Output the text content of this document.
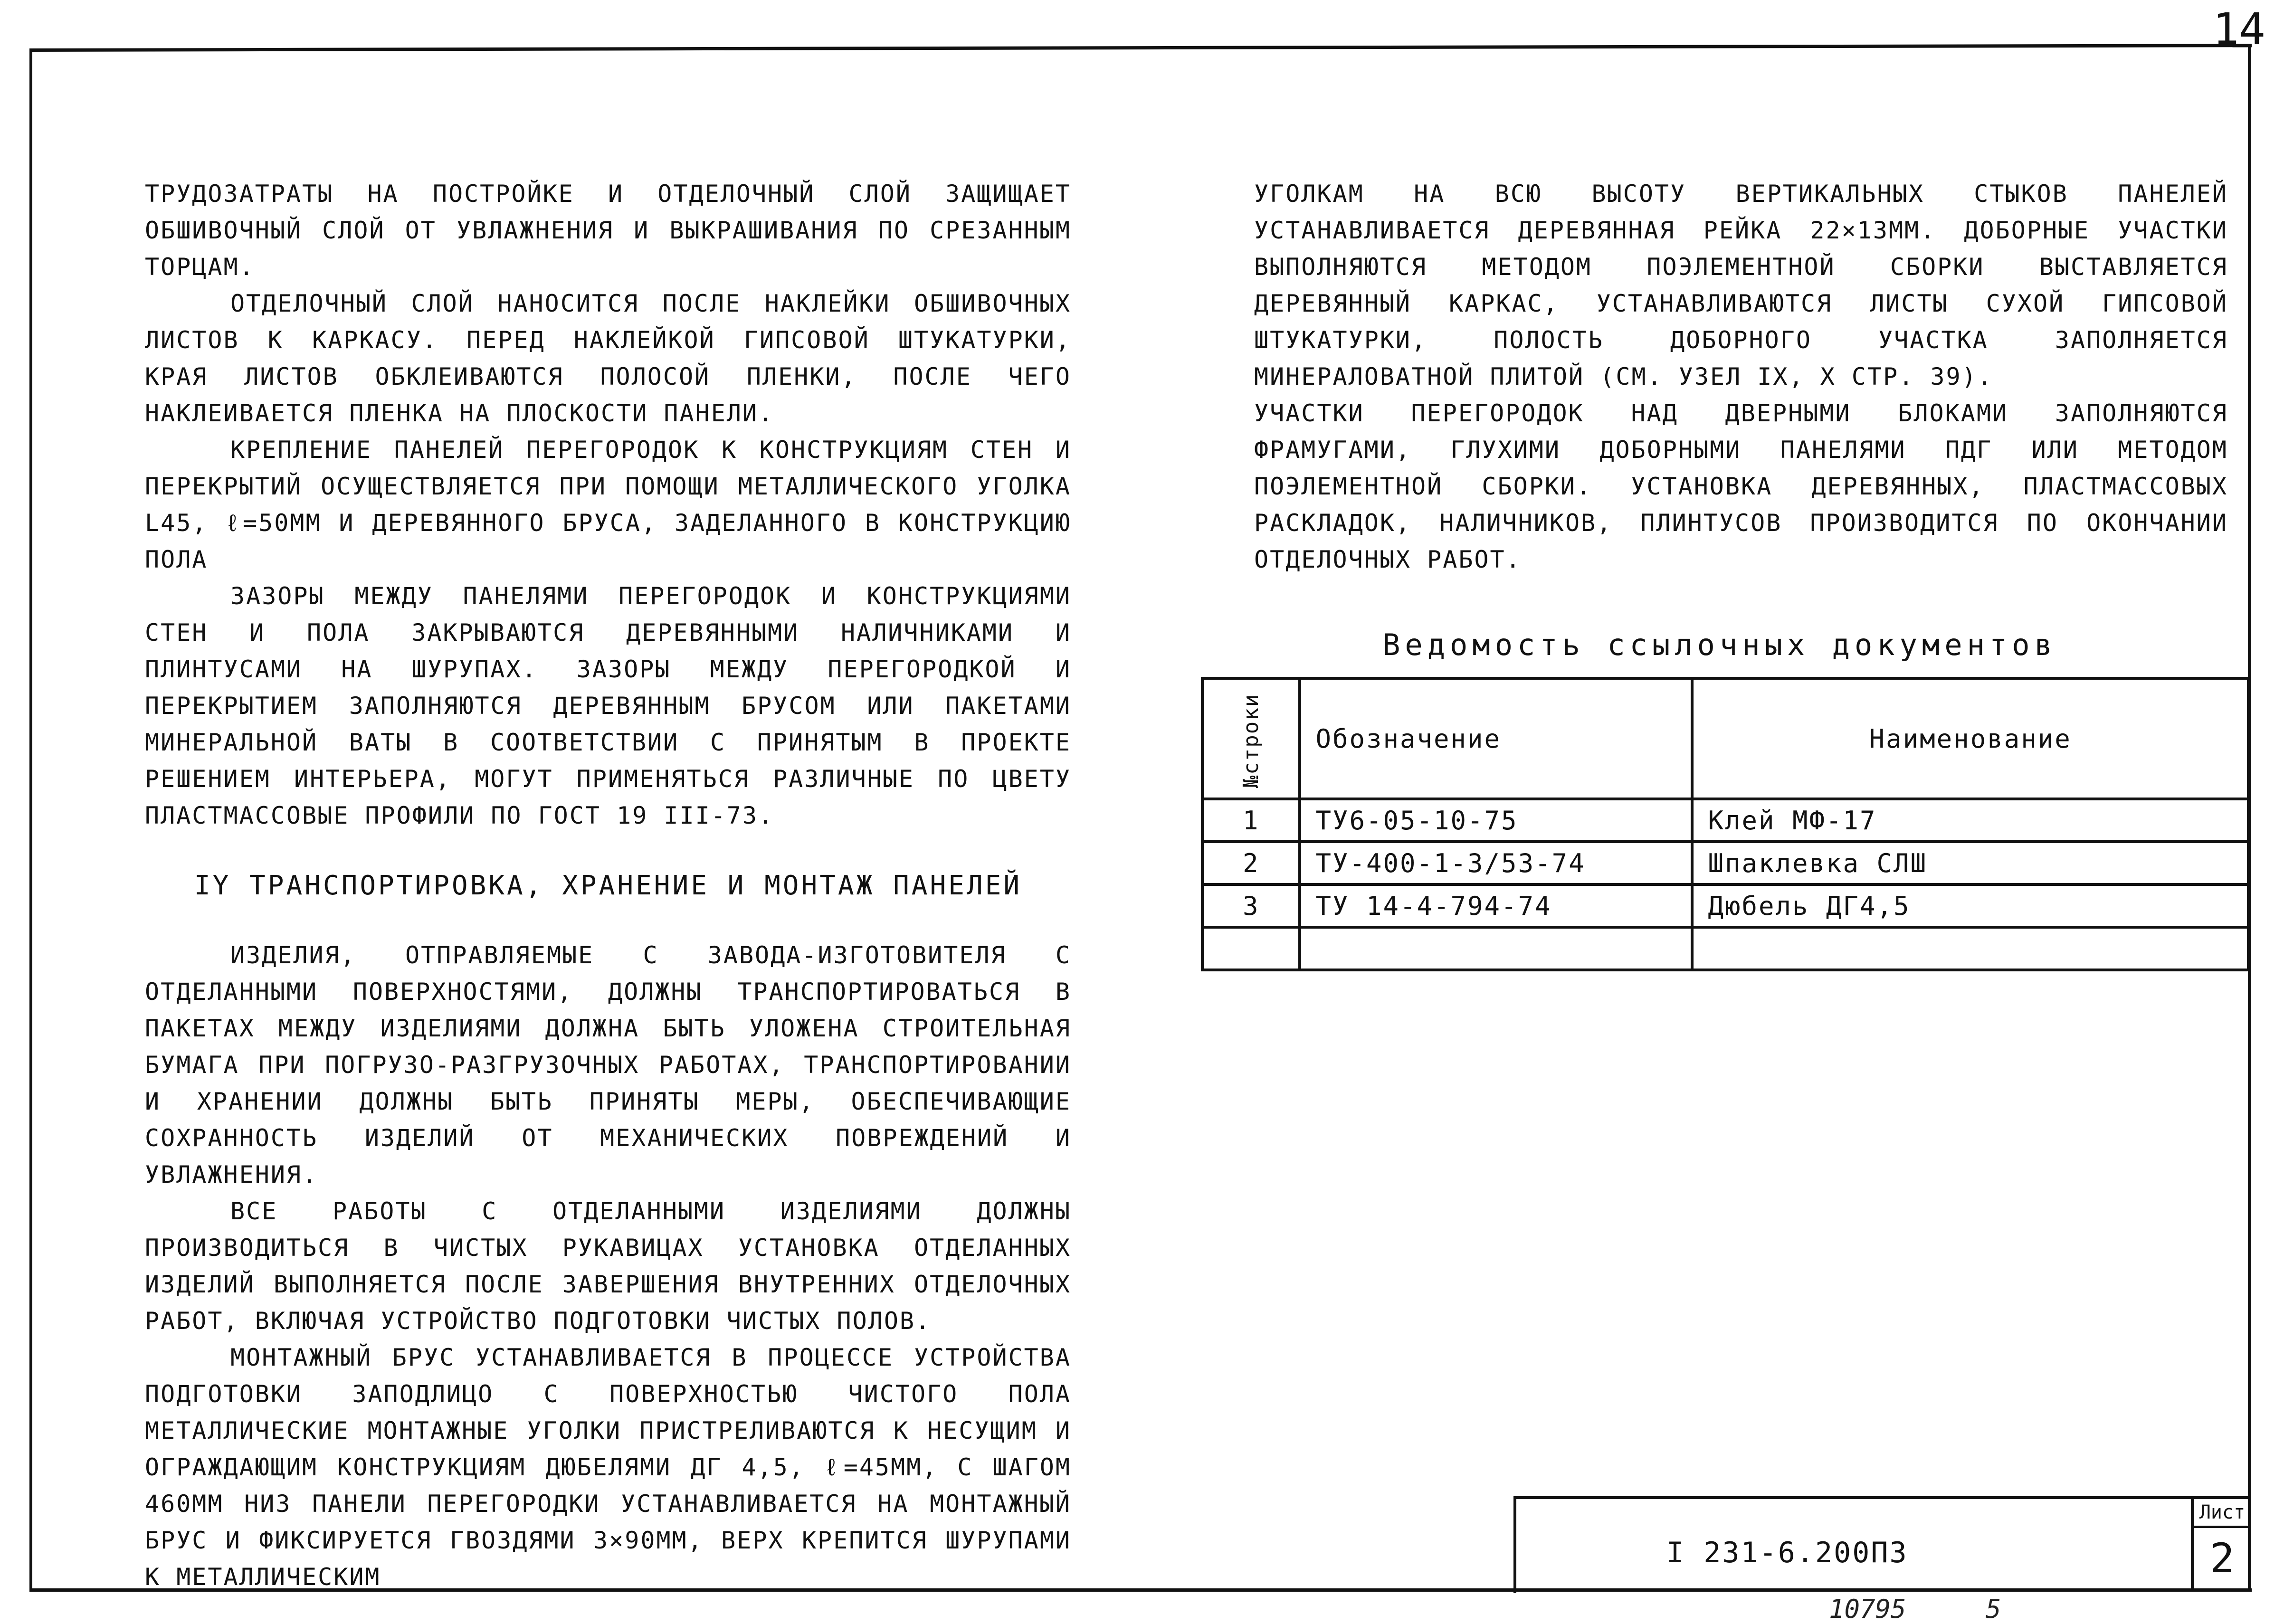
14

ТРУДОЗАТРАТЫ НА ПОСТРОЙКЕ И ОТДЕЛОЧНЫЙ СЛОЙ ЗАЩИЩАЕТ ОБШИВОЧНЫЙ СЛОЙ ОТ УВЛАЖНЕНИЯ И ВЫКРАШИВАНИЯ ПО СРЕЗАННЫМ ТОРЦАМ.

ОТДЕЛОЧНЫЙ СЛОЙ НАНОСИТСЯ ПОСЛЕ НАКЛЕЙКИ ОБШИВОЧНЫХ ЛИСТОВ К КАРКАСУ. ПЕРЕД НАКЛЕЙКОЙ ГИПСОВОЙ ШТУКАТУРКИ, КРАЯ ЛИСТОВ ОБКЛЕИВАЮТСЯ ПОЛОСОЙ ПЛЕНКИ, ПОСЛЕ ЧЕГО НАКЛЕИВАЕТСЯ ПЛЕНКА НА ПЛОСКОСТИ ПАНЕЛИ.

КРЕПЛЕНИЕ ПАНЕЛЕЙ ПЕРЕГОРОДОК К КОНСТРУКЦИЯМ СТЕН И ПЕРЕКРЫТИЙ ОСУЩЕСТВЛЯЕТСЯ ПРИ ПОМОЩИ МЕТАЛЛИЧЕСКОГО УГОЛКА L45, ℓ=50ММ И ДЕРЕВЯННОГО БРУСА, ЗАДЕЛАННОГО В КОНСТРУКЦИЮ ПОЛА

ЗАЗОРЫ МЕЖДУ ПАНЕЛЯМИ ПЕРЕГОРОДОК И КОНСТРУКЦИЯМИ СТЕН И ПОЛА ЗАКРЫВАЮТСЯ ДЕРЕВЯННЫМИ НАЛИЧНИКАМИ И ПЛИНТУСАМИ НА ШУРУПАХ. ЗАЗОРЫ МЕЖДУ ПЕРЕГОРОДКОЙ И ПЕРЕКРЫТИЕМ ЗАПОЛНЯЮТСЯ ДЕРЕВЯННЫМ БРУСОМ ИЛИ ПАКЕТАМИ МИНЕРАЛЬНОЙ ВАТЫ В СООТВЕТСТВИИ С ПРИНЯТЫМ В ПРОЕКТЕ РЕШЕНИЕМ ИНТЕРЬЕРА, МОГУТ ПРИМЕНЯТЬСЯ РАЗЛИЧНЫЕ ПО ЦВЕТУ ПЛАСТМАССОВЫЕ ПРОФИЛИ ПО ГОСТ 19 III-73.

IY ТРАНСПОРТИРОВКА, ХРАНЕНИЕ И МОНТАЖ ПАНЕЛЕЙ

ИЗДЕЛИЯ, ОТПРАВЛЯЕМЫЕ С ЗАВОДА-ИЗГОТОВИТЕЛЯ С ОТДЕЛАННЫМИ ПОВЕРХНОСТЯМИ, ДОЛЖНЫ ТРАНСПОРТИРОВАТЬСЯ В ПАКЕТАХ МЕЖДУ ИЗДЕЛИЯМИ ДОЛЖНА БЫТЬ УЛОЖЕНА СТРОИТЕЛЬНАЯ БУМАГА ПРИ ПОГРУЗО-РАЗГРУЗОЧНЫХ РАБОТАХ, ТРАНСПОРТИРОВАНИИ И ХРАНЕНИИ ДОЛЖНЫ БЫТЬ ПРИНЯТЫ МЕРЫ, ОБЕСПЕЧИВАЮЩИЕ СОХРАННОСТЬ ИЗДЕЛИЙ ОТ МЕХАНИЧЕСКИХ ПОВРЕЖДЕНИЙ И УВЛАЖНЕНИЯ.

ВСЕ РАБОТЫ С ОТДЕЛАННЫМИ ИЗДЕЛИЯМИ ДОЛЖНЫ ПРОИЗВОДИТЬСЯ В ЧИСТЫХ РУКАВИЦАХ УСТАНОВКА ОТДЕЛАННЫХ ИЗДЕЛИЙ ВЫПОЛНЯЕТСЯ ПОСЛЕ ЗАВЕРШЕНИЯ ВНУТРЕННИХ ОТДЕЛОЧНЫХ РАБОТ, ВКЛЮЧАЯ УСТРОЙСТВО ПОДГОТОВКИ ЧИСТЫХ ПОЛОВ.

МОНТАЖНЫЙ БРУС УСТАНАВЛИВАЕТСЯ В ПРОЦЕССЕ УСТРОЙСТВА ПОДГОТОВКИ ЗАПОДЛИЦО С ПОВЕРХНОСТЬЮ ЧИСТОГО ПОЛА МЕТАЛЛИЧЕСКИЕ МОНТАЖНЫЕ УГОЛКИ ПРИСТРЕЛИВАЮТСЯ К НЕСУЩИМ И ОГРАЖДАЮЩИМ КОНСТРУКЦИЯМ ДЮБЕЛЯМИ ДГ 4,5, ℓ=45ММ, С ШАГОМ 460ММ НИЗ ПАНЕЛИ ПЕРЕГОРОДКИ УСТАНАВЛИВАЕТСЯ НА МОНТАЖНЫЙ БРУС И ФИКСИРУЕТСЯ ГВОЗДЯМИ 3×90ММ, ВЕРХ КРЕПИТСЯ ШУРУПАМИ К МЕТАЛЛИЧЕСКИМ

УГОЛКАМ НА ВСЮ ВЫСОТУ ВЕРТИКАЛЬНЫХ СТЫКОВ ПАНЕЛЕЙ УСТАНАВЛИВАЕТСЯ ДЕРЕВЯННАЯ РЕЙКА 22×13ММ. ДОБОРНЫЕ УЧАСТКИ ВЫПОЛНЯЮТСЯ МЕТОДОМ ПОЭЛЕМЕНТНОЙ СБОРКИ ВЫСТАВЛЯЕТСЯ ДЕРЕВЯННЫЙ КАРКАС, УСТАНАВЛИВАЮТСЯ ЛИСТЫ СУХОЙ ГИПСОВОЙ ШТУКАТУРКИ, ПОЛОСТЬ ДОБОРНОГО УЧАСТКА ЗАПОЛНЯЕТСЯ МИНЕРАЛОВАТНОЙ ПЛИТОЙ (СМ. УЗЕЛ IX, X СТР. 39).

УЧАСТКИ ПЕРЕГОРОДОК НАД ДВЕРНЫМИ БЛОКАМИ ЗАПОЛНЯЮТСЯ ФРАМУГАМИ, ГЛУХИМИ ДОБОРНЫМИ ПАНЕЛЯМИ ПДГ ИЛИ МЕТОДОМ ПОЭЛЕМЕНТНОЙ СБОРКИ. УСТАНОВКА ДЕРЕВЯННЫХ, ПЛАСТМАССОВЫХ РАСКЛАДОК, НАЛИЧНИКОВ, ПЛИНТУСОВ ПРОИЗВОДИТСЯ ПО ОКОНЧАНИИ ОТДЕЛОЧНЫХ РАБОТ.

Ведомость ссылочных документов
№строки	Обозначение	Наименование
1	ТУ6-05-10-75	Клей МФ-17
2	ТУ-400-1-3/53-74	Шпаклевка СЛШ
3	ТУ 14-4-794-74	Дюбель ДГ4,5

I 231-6.200П3
Лист
2
10795	5
